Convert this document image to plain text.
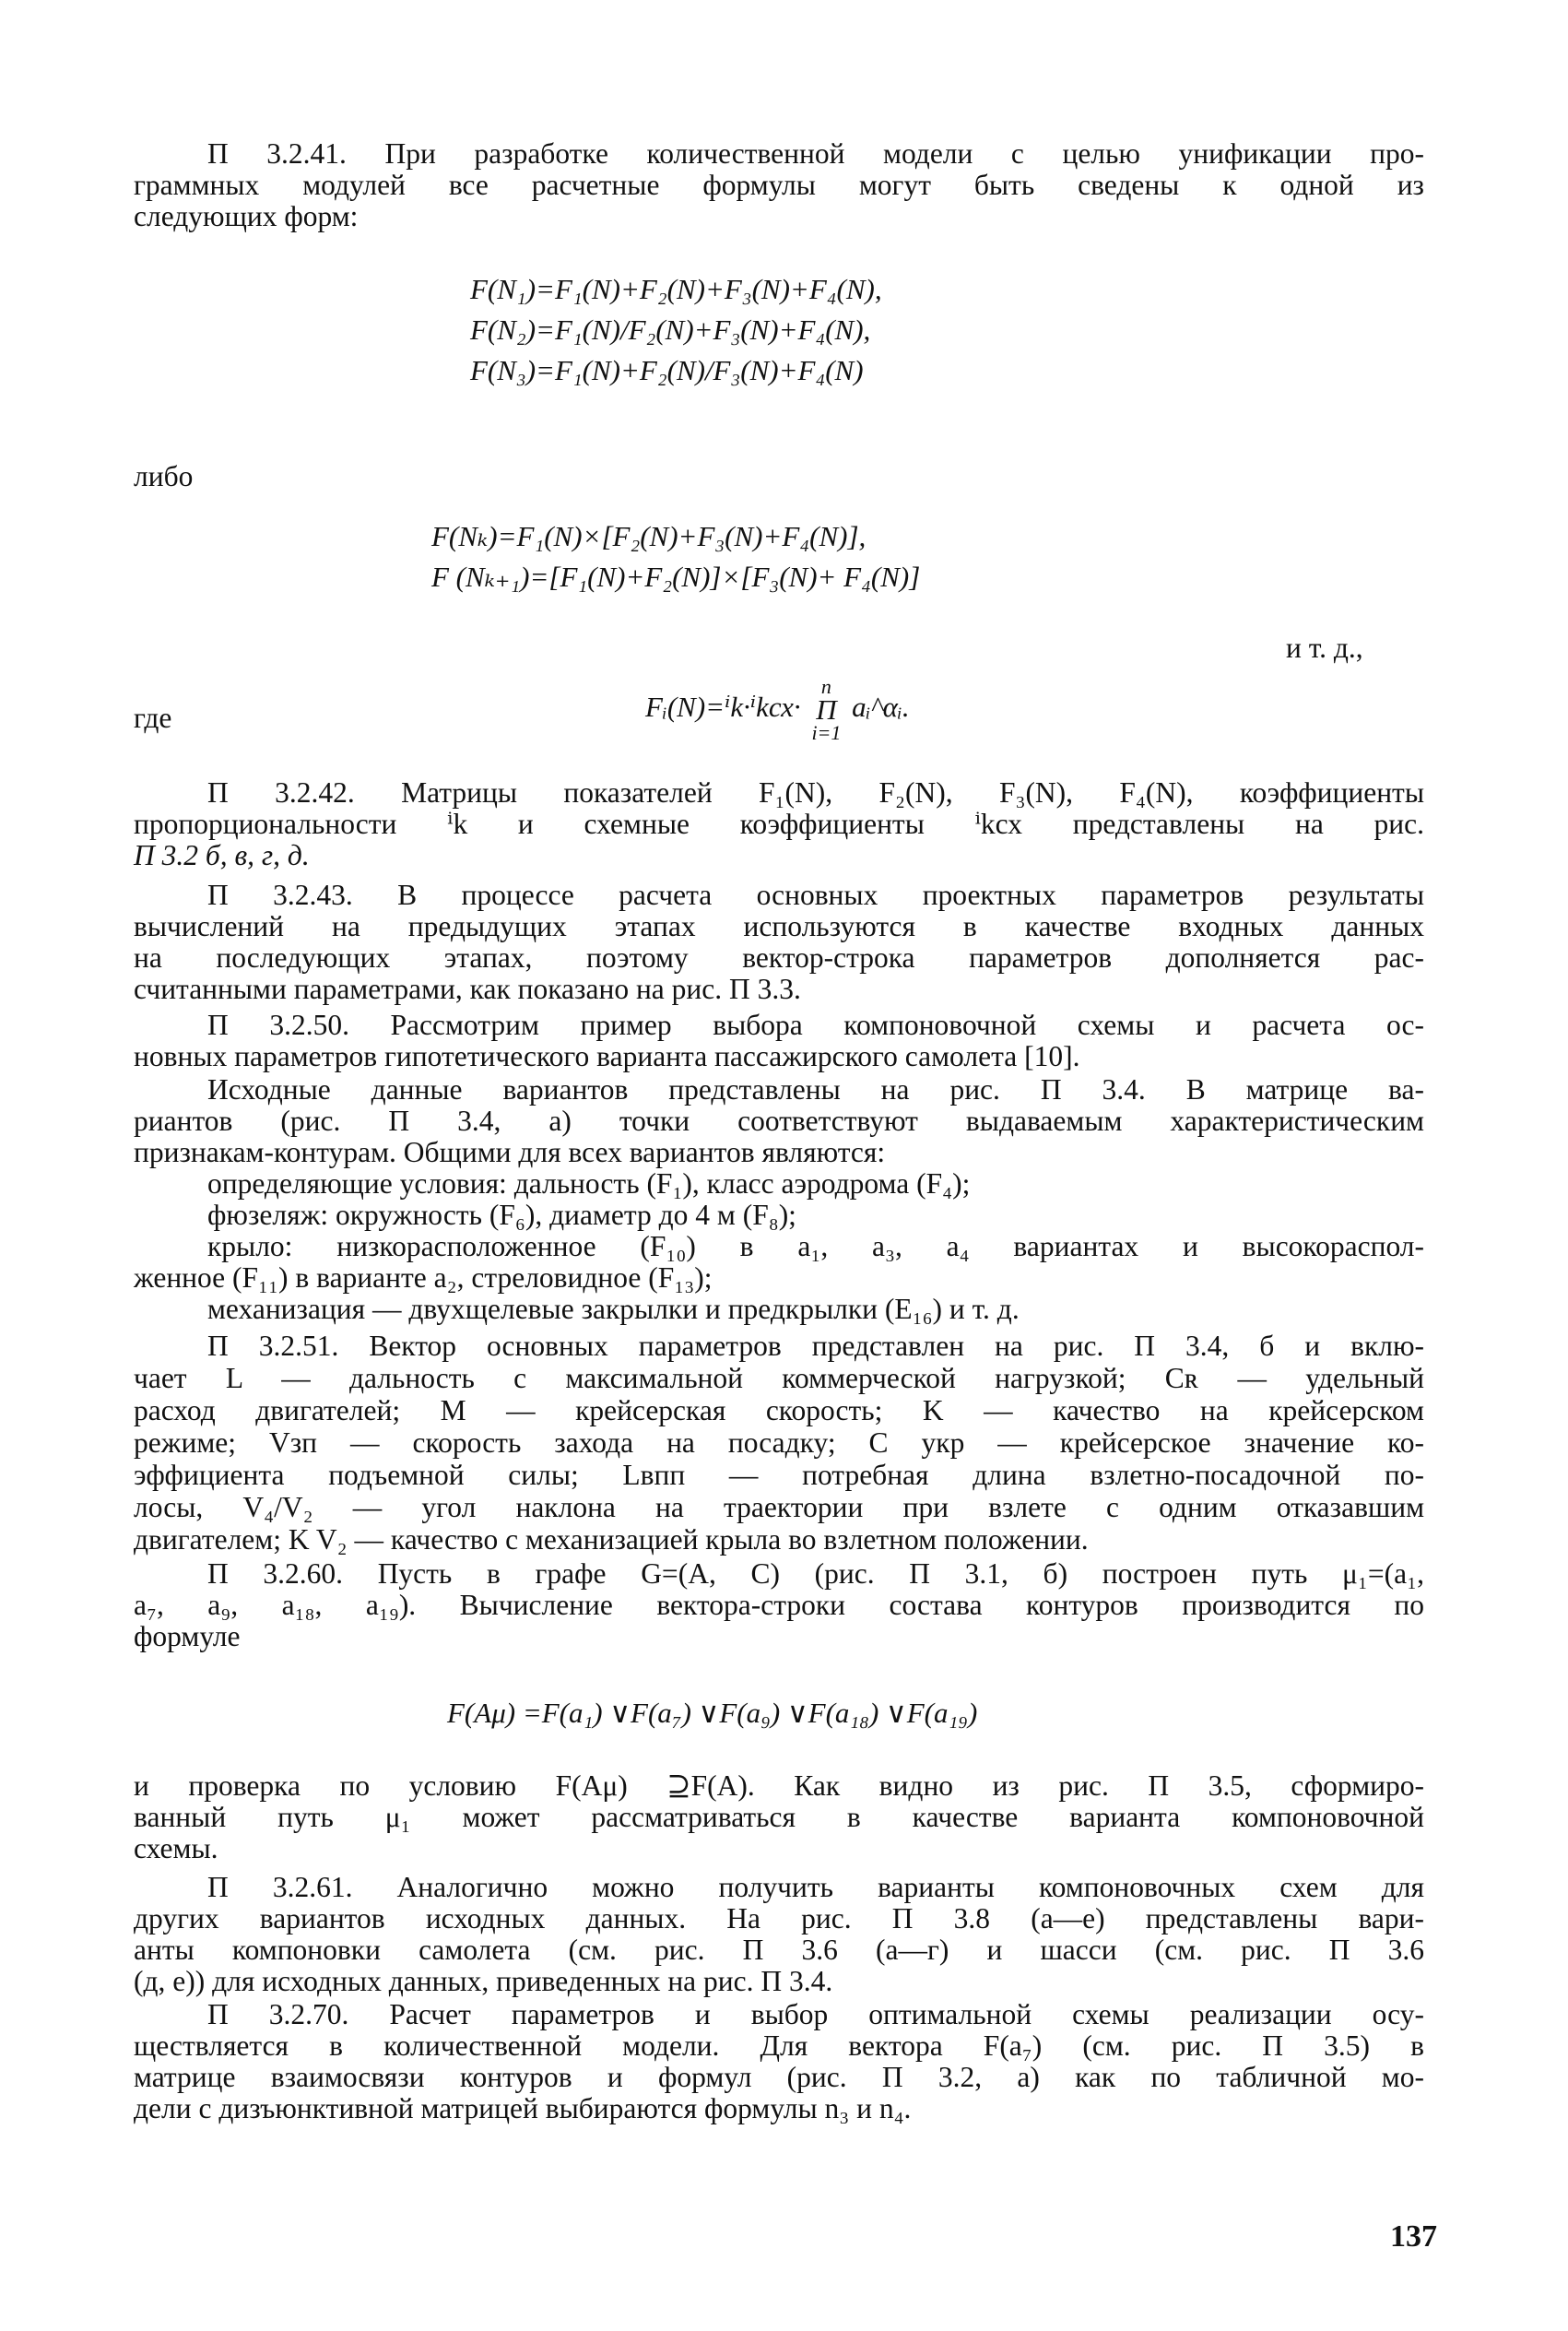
П 3.2.41. При разработке количественной модели с целью унификации про-
граммных модулей все расчетные формулы могут быть сведены к одной из
следующих форм:
F(N₁)=F₁(N)+F₂(N)+F₃(N)+F₄(N),
F(N₂)=F₁(N)/F₂(N)+F₃(N)+F₄(N),
F(N₃)=F₁(N)+F₂(N)/F₃(N)+F₄(N)
либо
F(Nₖ)=F₁(N)×[F₂(N)+F₃(N)+F₄(N)],
F (Nₖ₊₁)=[F₁(N)+F₂(N)]×[F₃(N)+ F₄(N)]
и т. д.,
где	Fᵢ(N)=ⁱk·ⁱkсх·
n
П
i=1
aᵢ^αᵢ.
П 3.2.42. Матрицы показателей F₁(N), F₂(N), F₃(N), F₄(N), коэффициенты
пропорциональности ⁱk и схемные коэффициенты ⁱkсх представлены на рис.
П 3.2 б, в, г, д.
П 3.2.43. В процессе расчета основных проектных параметров результаты
вычислений на предыдущих этапах используются в качестве входных данных
на последующих этапах, поэтому вектор-строка параметров дополняется рас-
считанными параметрами, как показано на рис. П 3.3.
П 3.2.50. Рассмотрим пример выбора компоновочной схемы и расчета ос-
новных параметров гипотетического варианта пассажирского самолета [10].
Исходные данные вариантов представлены на рис. П 3.4. В матрице ва-
риантов (рис. П 3.4, а) точки соответствуют выдаваемым характеристическим
признакам-контурам. Общими для всех вариантов являются:
определяющие условия: дальность (F₁), класс аэродрома (F₄);
фюзеляж: окружность (F₆), диаметр до 4 м (F₈);
крыло: низкорасположенное (F₁₀) в a₁, a₃, a₄ вариантах и высокораспол-
женное (F₁₁) в варианте a₂, стреловидное (F₁₃);
механизация — двухщелевые закрылки и предкрылки (E₁₆) и т. д.
П 3.2.51. Вектор основных параметров представлен на рис. П 3.4, б и вклю-
чает L — дальность с максимальной коммерческой нагрузкой; Cʀ — удельный
расход двигателей; M — крейсерская скорость; K — качество на крейсерском
режиме; Vзп — скорость захода на посадку; C yкр — крейсерское значение ко-
эффициента подъемной силы; Lвпп — потребная длина взлетно-посадочной по-
лосы, V₄/V₂ — угол наклона на траектории при взлете с одним отказавшим
двигателем; K V₂ — качество с механизацией крыла во взлетном положении.
П 3.2.60. Пусть в графе G=(A, C) (рис. П 3.1, б) построен путь μ₁=(a₁,
a₇, a₉, a₁₈, a₁₉). Вычисление вектора-строки состава контуров производится по
формуле
F(Aμ) =F(a₁) ∨F(a₇) ∨F(a₉) ∨F(a₁₈) ∨F(a₁₉)
и проверка по условию F(Aμ) ⊇F(A). Как видно из рис. П 3.5, сформиро-
ванный путь μ₁ может рассматриваться в качестве варианта компоновочной
схемы.
П 3.2.61. Аналогично можно получить варианты компоновочных схем для
других вариантов исходных данных. На рис. П 3.8 (а—е) представлены вари-
анты компоновки самолета (см. рис. П 3.6 (а—г) и шасси (см. рис. П 3.6
(д, е)) для исходных данных, приведенных на рис. П 3.4.
П 3.2.70. Расчет параметров и выбор оптимальной схемы реализации осу-
ществляется в количественной модели. Для вектора F(a₇) (см. рис. П 3.5) в
матрице взаимосвязи контуров и формул (рис. П 3.2, а) как по табличной мо-
дели с дизъюнктивной матрицей выбираются формулы n₃ и n₄.
137
